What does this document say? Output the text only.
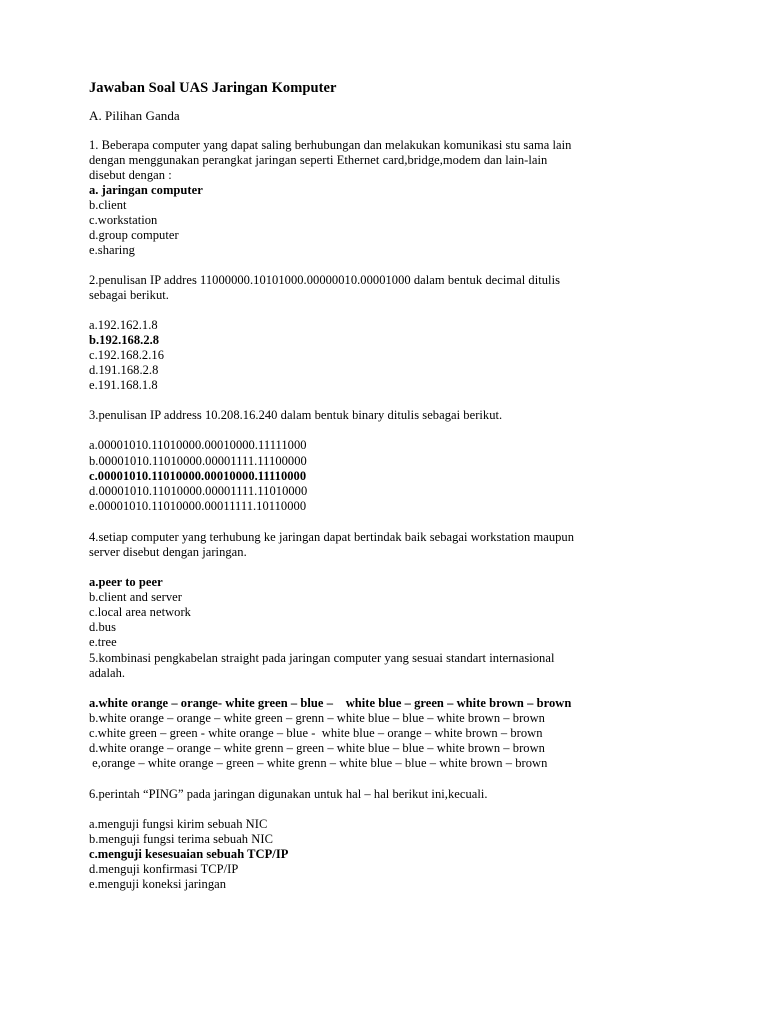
Jawaban Soal UAS Jaringan Komputer
A. Pilihan Ganda
1. Beberapa computer yang dapat saling berhubungan dan melakukan komunikasi stu sama lain
dengan menggunakan perangkat jaringan seperti Ethernet card,bridge,modem dan lain-lain
disebut dengan :
a. jaringan computer
b.client
c.workstation
d.group computer
e.sharing
2.penulisan IP addres 11000000.10101000.00000010.00001000 dalam bentuk decimal ditulis
sebagai berikut.
a.192.162.1.8
b.192.168.2.8
c.192.168.2.16
d.191.168.2.8
e.191.168.1.8
3.penulisan IP address 10.208.16.240 dalam bentuk binary ditulis sebagai berikut.
a.00001010.11010000.00010000.11111000
b.00001010.11010000.00001111.11100000
c.00001010.11010000.00010000.11110000
d.00001010.11010000.00001111.11010000
e.00001010.11010000.00011111.10110000
4.setiap computer yang terhubung ke jaringan dapat bertindak baik sebagai workstation maupun
server disebut dengan jaringan.
a.peer to peer
b.client and server
c.local area network
d.bus
e.tree
5.kombinasi pengkabelan straight pada jaringan computer yang sesuai standart internasional
adalah.
a.white orange – orange- white green – blue –    white blue – green – white brown – brown
b.white orange – orange – white green – grenn – white blue – blue – white brown – brown
c.white green – green - white orange – blue -  white blue – orange – white brown – brown
d.white orange – orange – white grenn – green – white blue – blue – white brown – brown
e,orange – white orange – green – white grenn – white blue – blue – white brown – brown
6.perintah “PING” pada jaringan digunakan untuk hal – hal berikut ini,kecuali.
a.menguji fungsi kirim sebuah NIC
b.menguji fungsi terima sebuah NIC
c.menguji kesesuaian sebuah TCP/IP
d.menguji konfirmasi TCP/IP
e.menguji koneksi jaringan
